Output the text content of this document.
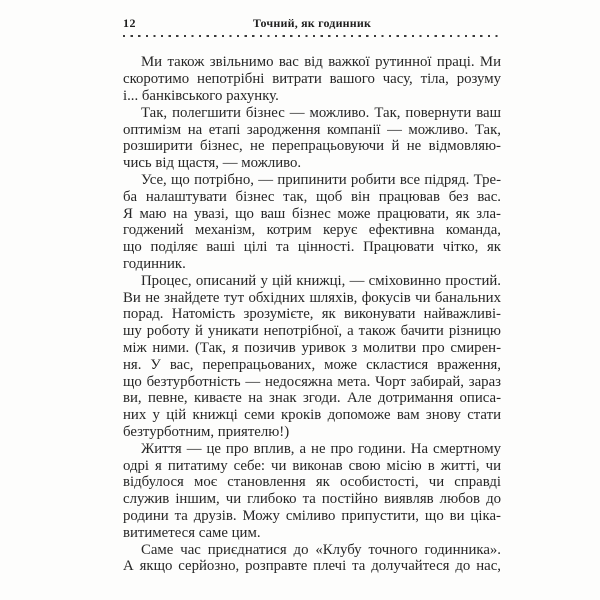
12	Точний, як годинник
Ми також звільнимо вас від важкої рутинної праці. Ми
скоротимо непотрібні витрати вашого часу, тіла, розуму
і... банківського рахунку.
Так, полегшити бізнес — можливо. Так, повернути ваш
оптимізм на етапі зародження компанії — можливо. Так,
розширити бізнес, не перепрацьовуючи й не відмовляю-
чись від щастя, — можливо.
Усе, що потрібно, — припинити робити все підряд. Тре-
ба налаштувати бізнес так, щоб він працював без вас.
Я маю на увазі, що ваш бізнес може працювати, як зла-
годжений механізм, котрим керує ефективна команда,
що поділяє ваші цілі та цінності. Працювати чітко, як
годинник.
Процес, описаний у цій книжці, — сміховинно простий.
Ви не знайдете тут обхідних шляхів, фокусів чи банальних
порад. Натомість зрозумієте, як виконувати найважливі-
шу роботу й уникати непотрібної, а також бачити різницю
між ними. (Так, я позичив уривок з молитви про смирен-
ня. У вас, перепрацьованих, може скластися враження,
що безтурботність — недосяжна мета. Чорт забирай, зараз
ви, певне, киваєте на знак згоди. Але дотримання описа-
них у цій книжці семи кроків допоможе вам знову стати
безтурботним, приятелю!)
Життя — це про вплив, а не про години. На смертному
одрі я питатиму себе: чи виконав свою місію в житті, чи
відбулося моє становлення як особистості, чи справді
служив іншим, чи глибоко та постійно виявляв любов до
родини та друзів. Можу сміливо припустити, що ви ціка-
витиметеся саме цим.
Саме час приєднатися до «Клубу точного годинника».
А якщо серйозно, розправте плечі та долучайтеся до нас,
